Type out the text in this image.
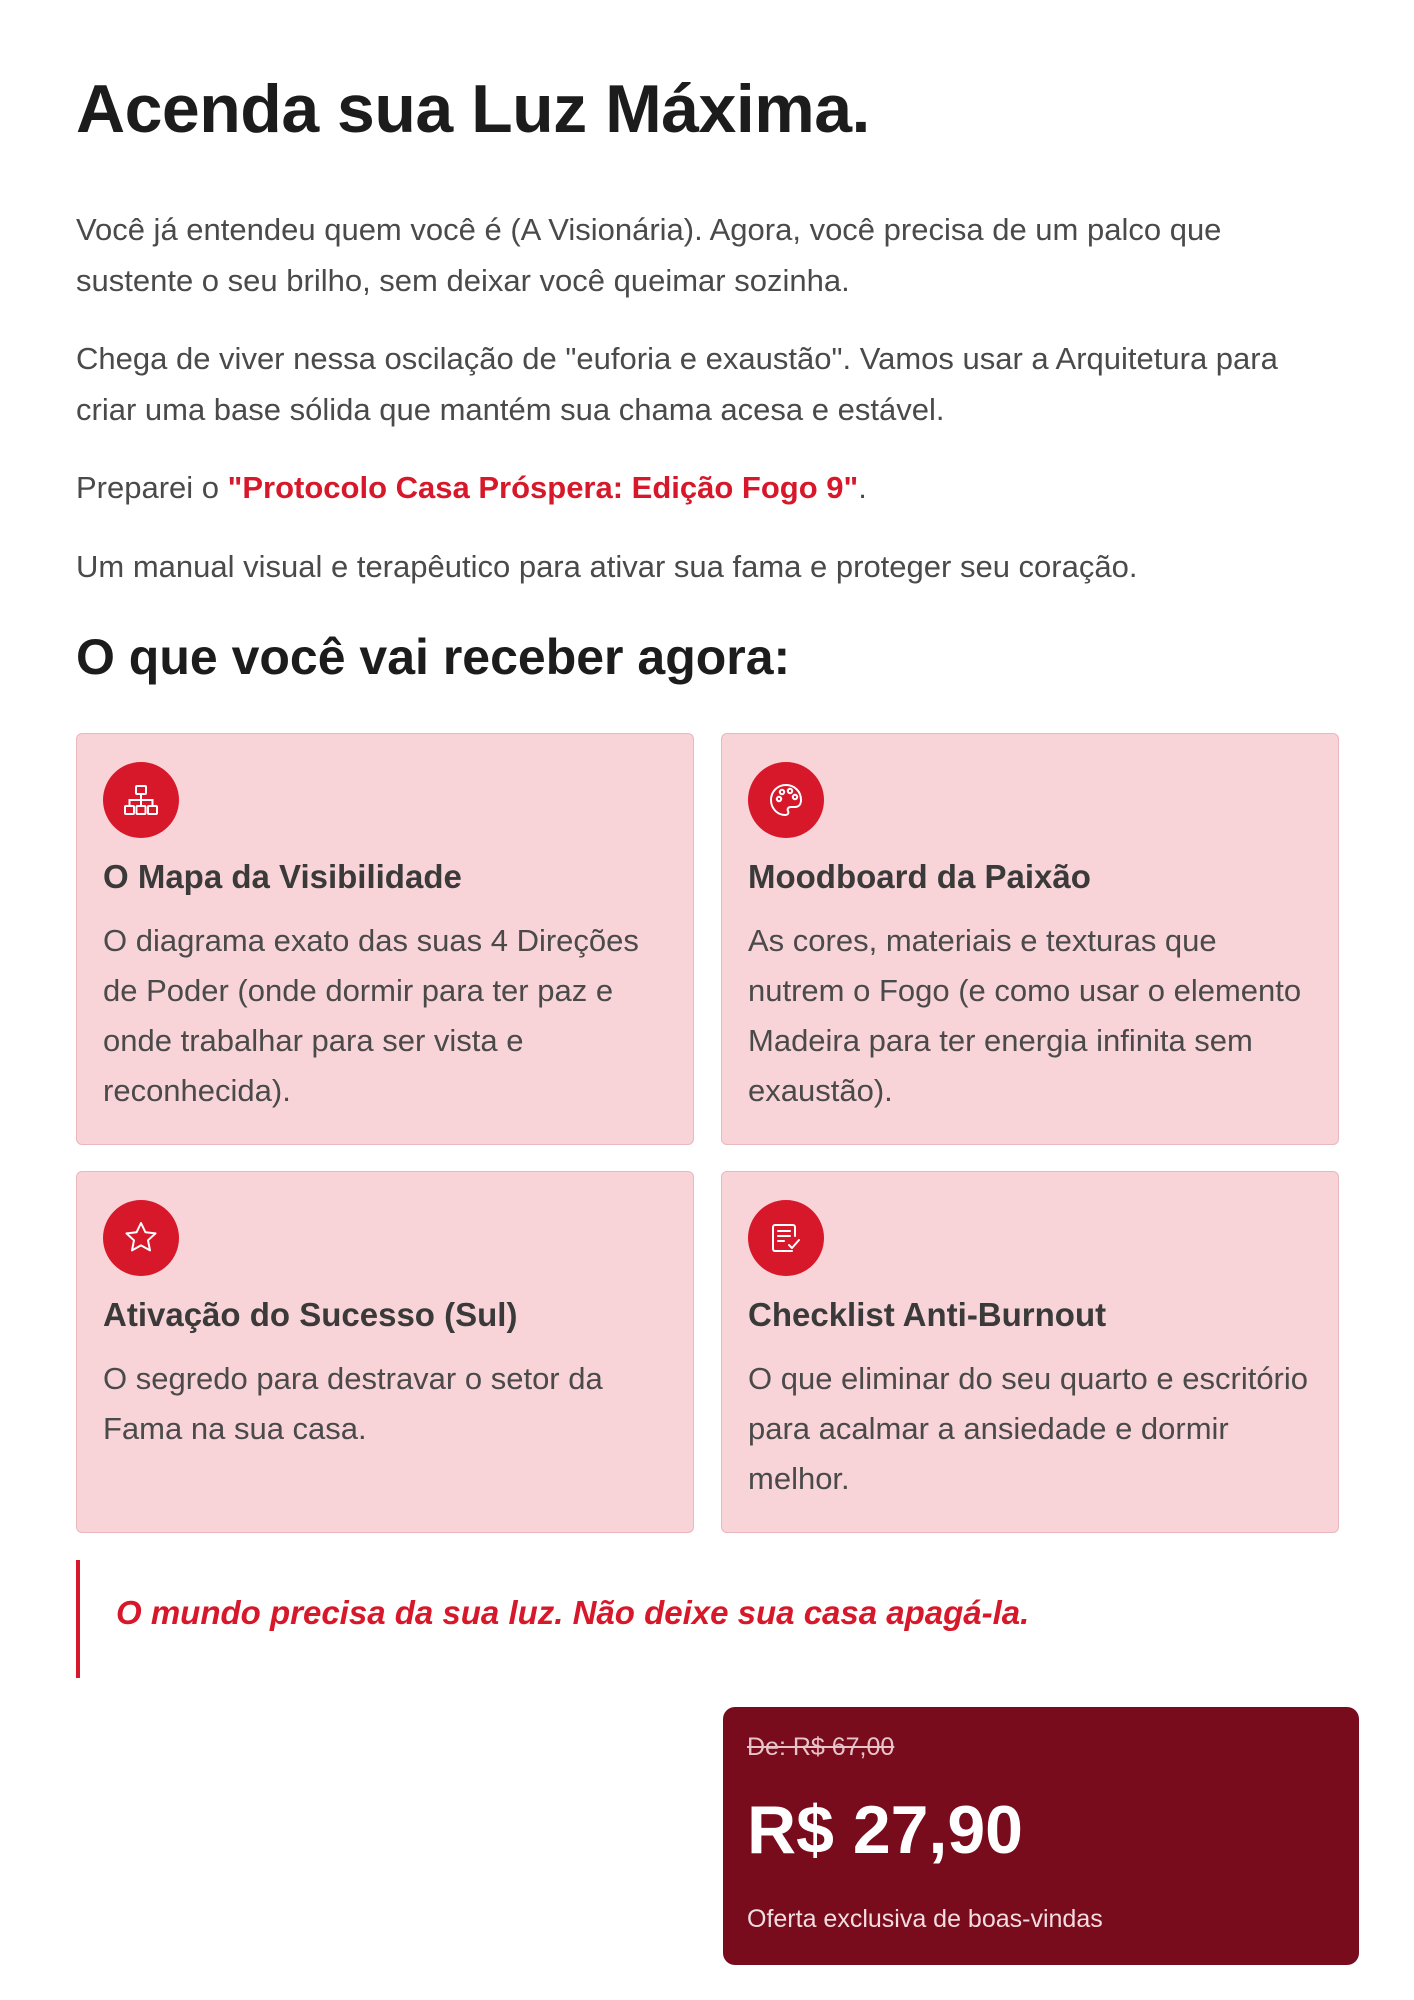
Acenda sua Luz Máxima.

Você já entendeu quem você é (A Visionária). Agora, você precisa de um palco que sustente o seu brilho, sem deixar você queimar sozinha.

Chega de viver nessa oscilação de "euforia e exaustão". Vamos usar a Arquitetura para criar uma base sólida que mantém sua chama acesa e estável.

Preparei o "Protocolo Casa Próspera: Edição Fogo 9".

Um manual visual e terapêutico para ativar sua fama e proteger seu coração.

O que você vai receber agora:
O Mapa da Visibilidade

O diagrama exato das suas 4 Direções de Poder (onde dormir para ter paz e onde trabalhar para ser vista e reconhecida).

Moodboard da Paixão

As cores, materiais e texturas que nutrem o Fogo (e como usar o elemento Madeira para ter energia infinita sem exaustão).

Ativação do Sucesso (Sul)

O segredo para destravar o setor da Fama na sua casa.

Checklist Anti-Burnout

O que eliminar do seu quarto e escritório para acalmar a ansiedade e dormir melhor.

O mundo precisa da sua luz. Não deixe sua casa apagá-la.

De: R$ 67,00

R$ 27,90

Oferta exclusiva de boas-vindas
